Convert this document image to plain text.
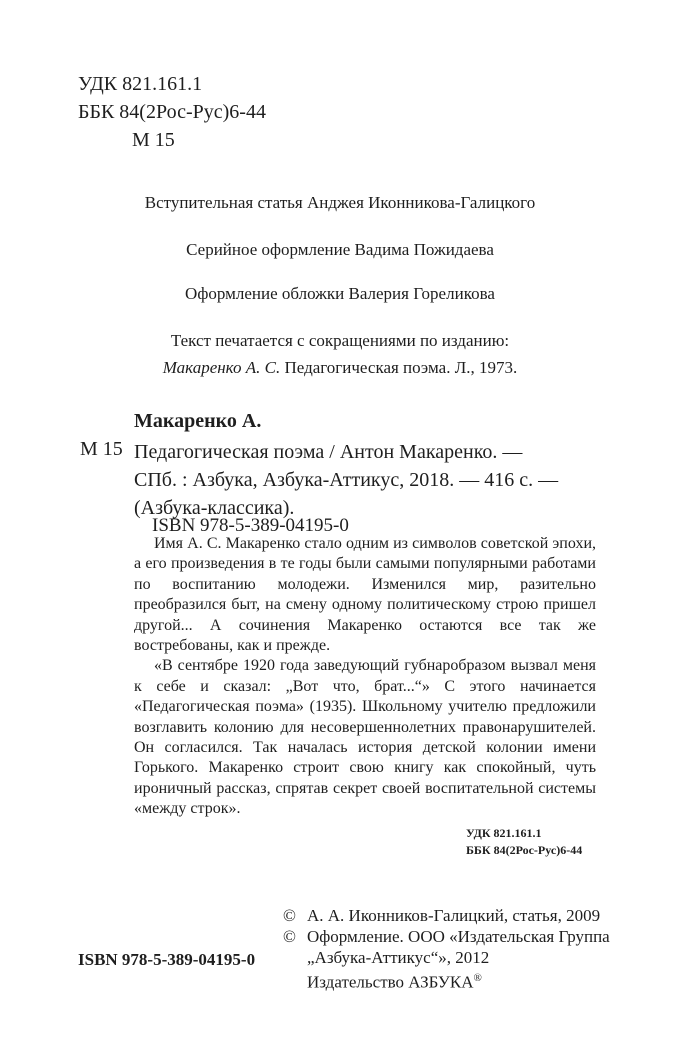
УДК 821.161.1
ББК 84(2Рос-Рус)6-44
М 15
Вступительная статья Анджея Иконникова-Галицкого
Серийное оформление Вадима Пожидаева
Оформление обложки Валерия Гореликова
Текст печатается с сокращениями по изданию:
Макаренко А. С. Педагогическая поэма. Л., 1973.
Макаренко А.
М 15 Педагогическая поэма / Антон Макаренко. —
СПб. : Азбука, Азбука-Аттикус, 2018. — 416 с. —
(Азбука-классика).
ISBN 978-5-389-04195-0

Имя А. С. Макаренко стало одним из символов советской эпохи, а его произведения в те годы были самыми популярными работами по воспитанию молодежи. Изменился мир, разительно преобразился быт, на смену одному политическому строю пришел другой... А сочинения Макаренко остаются все так же востребованы, как и прежде.

«В сентябре 1920 года заведующий губнаробразом вызвал меня к себе и сказал: „Вот что, брат...“» С этого начинается «Педагогическая поэма» (1935). Школьному учителю предложили возглавить колонию для несовершеннолетних правонарушителей. Он согласился. Так началась история детской колонии имени Горького. Макаренко строит свою книгу как спокойный, чуть ироничный рассказ, спрятав секрет своей воспитательной системы «между строк».

УДК 821.161.1
ББК 84(2Рос-Рус)6-44
© А. А. Иконников-Галицкий, статья, 2009
© Оформление. ООО «Издательская Группа
„Азбука-Аттикус“», 2012
Издательство АЗБУКА®
ISBN 978-5-389-04195-0
